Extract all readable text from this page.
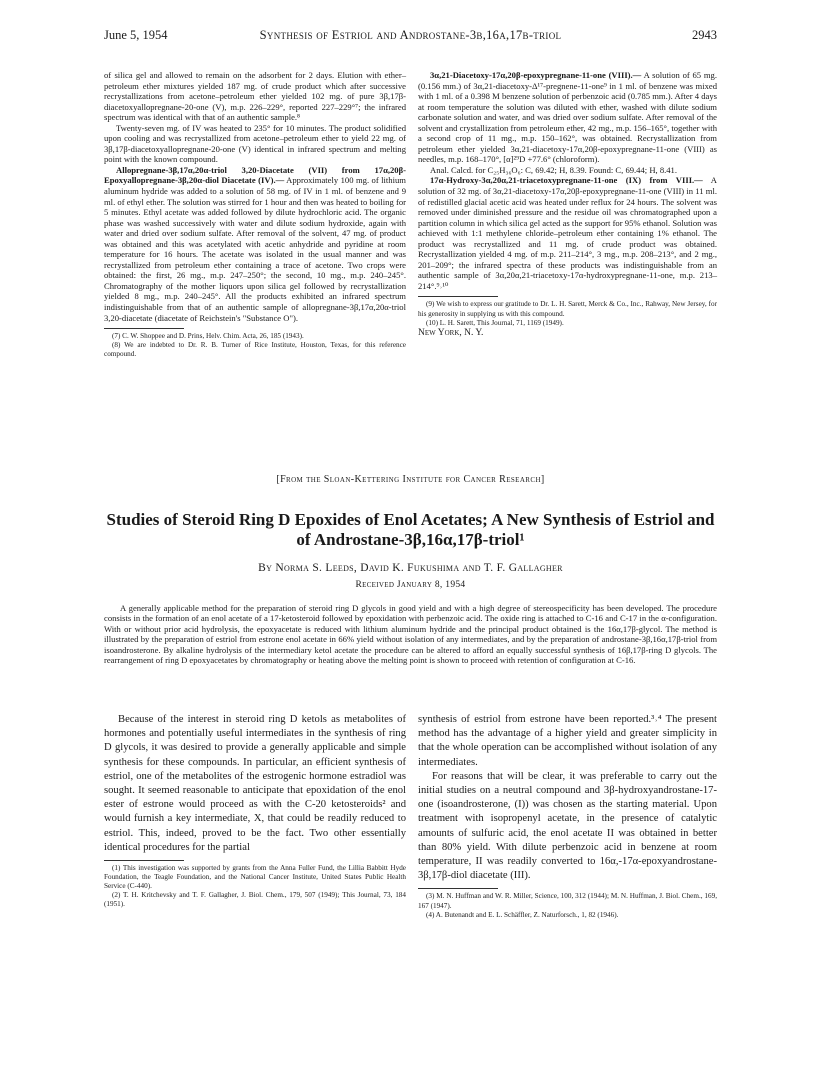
June 5, 1954	Synthesis of Estriol and Androstane-3β,16α,17β-triol	2943

of silica gel and allowed to remain on the adsorbent for 2 days. Elution with ether–petroleum ether mixtures yielded 187 mg. of crude product which after successive recrystallizations from acetone–petroleum ether yielded 102 mg. of pure 3β,17β-diacetoxyallopregnane-20-one (V), m.p. 226–229°, reported 227–229°⁷; the infrared spectrum was identical with that of an authentic sample.⁸

Twenty-seven mg. of IV was heated to 235° for 10 minutes. The product solidified upon cooling and was recrystallized from acetone–petroleum ether to yield 22 mg. of 3β,17β-diacetoxyallopregnane-20-one (V) identical in infrared spectrum and melting point with the known compound.

Allopregnane-3β,17α,20α-triol 3,20-Diacetate (VII) from 17α,20β-Epoxyallopregnane-3β,20α-diol Diacetate (IV).— Approximately 100 mg. of lithium aluminum hydride was added to a solution of 58 mg. of IV in 1 ml. of benzene and 9 ml. of ethyl ether. The solution was stirred for 1 hour and then was heated to boiling for 5 minutes. Ethyl acetate was added followed by dilute hydrochloric acid. The organic phase was washed successively with water and dilute sodium hydroxide, again with water and dried over sodium sulfate. After removal of the solvent, 47 mg. of product was obtained and this was acetylated with acetic anhydride and pyridine at room temperature for 16 hours. The acetate was isolated in the usual manner and was recrystallized from petroleum ether containing a trace of acetone. Two crops were obtained: the first, 26 mg., m.p. 247–250°; the second, 10 mg., m.p. 240–245°. Chromatography of the mother liquors upon silica gel followed by recrystallization yielded 8 mg., m.p. 240–245°. All the products exhibited an infrared spectrum indistinguishable from that of an authentic sample of allopregnane-3β,17α,20α-triol 3,20-diacetate (diacetate of Reichstein's "Substance O").

(7) C. W. Shoppee and D. Prins, Helv. Chim. Acta, 26, 185 (1943).

(8) We are indebted to Dr. R. B. Turner of Rice Institute, Houston, Texas, for this reference compound.

3α,21-Diacetoxy-17α,20β-epoxypregnane-11-one (VIII).— A solution of 65 mg. (0.156 mm.) of 3α,21-diacetoxy-Δ¹⁷-pregnene-11-one⁹ in 1 ml. of benzene was mixed with 1 ml. of a 0.398 M benzene solution of perbenzoic acid (0.785 mm.). After 4 days at room temperature the solution was diluted with ether, washed with dilute sodium carbonate solution and water, and was dried over sodium sulfate. After removal of the solvent and crystallization from petroleum ether, 42 mg., m.p. 156–165°, together with a second crop of 11 mg., m.p. 150–162°, was obtained. Recrystallization from petroleum ether yielded 3α,21-diacetoxy-17α,20β-epoxypregnane-11-one (VIII) as needles, m.p. 168–170°, [α]²⁹D +77.6° (chloroform).

Anal. Calcd. for C₂₅H₃₆O₆: C, 69.42; H, 8.39. Found: C, 69.44; H, 8.41.

17α-Hydroxy-3α,20α,21-triacetoxypregnane-11-one (IX) from VIII.— A solution of 32 mg. of 3α,21-diacetoxy-17α,20β-epoxypregnane-11-one (VIII) in 11 ml. of redistilled glacial acetic acid was heated under reflux for 24 hours. The solvent was removed under diminished pressure and the residue oil was chromatographed upon a partition column in which silica gel acted as the support for 95% ethanol. Solution was achieved with 1:1 methylene chloride–petroleum ether containing 1% ethanol. The product was recrystallized and 11 mg. of crude product was obtained. Recrystallization yielded 4 mg. of m.p. 211–214°, 3 mg., m.p. 208–213°, and 2 mg., 201–209°; the infrared spectra of these products was indistinguishable from an authentic sample of 3α,20α,21-triacetoxy-17α-hydroxypregnane-11-one, m.p. 213–214°.⁹˒¹⁰

(9) We wish to express our gratitude to Dr. L. H. Sarett, Merck & Co., Inc., Rahway, New Jersey, for his generosity in supplying us with this compound.

(10) L. H. Sarett, This Journal, 71, 1169 (1949).

New York, N. Y.

[From the Sloan-Kettering Institute for Cancer Research]
Studies of Steroid Ring D Epoxides of Enol Acetates; A New Synthesis of Estriol and of Androstane-3β,16α,17β-triol¹
By Norma S. Leeds, David K. Fukushima and T. F. Gallagher
Received January 8, 1954

A generally applicable method for the preparation of steroid ring D glycols in good yield and with a high degree of stereospecificity has been developed. The procedure consists in the formation of an enol acetate of a 17-ketosteroid followed by epoxidation with perbenzoic acid. The oxide ring is attached to C-16 and C-17 in the α-configuration. With or without prior acid hydrolysis, the epoxyacetate is reduced with lithium aluminum hydride and the principal product obtained is the 16α,17β-glycol. The method is illustrated by the preparation of estriol from estrone enol acetate in 66% yield without isolation of any intermediates, and by the preparation of androstane-3β,16α,17β-triol from isoandrosterone. By alkaline hydrolysis of the intermediary ketol acetate the procedure can be altered to afford an equally successful synthesis of 16β,17β-ring D glycols. The rearrangement of ring D epoxyacetates by chromatography or heating above the melting point is shown to proceed with retention of configuration at C-16.

Because of the interest in steroid ring D ketols as metabolites of hormones and potentially useful intermediates in the synthesis of ring D glycols, it was desired to provide a generally applicable and simple synthesis for these compounds. In particular, an efficient synthesis of estriol, one of the metabolites of the estrogenic hormone estradiol was sought. It seemed reasonable to anticipate that epoxidation of the enol ester of estrone would proceed as with the C-20 ketosteroids² and would furnish a key intermediate, X, that could be readily reduced to estriol. This, indeed, proved to be the fact. Two other essentially identical procedures for the partial

(1) This investigation was supported by grants from the Anna Fuller Fund, the Lillia Babbitt Hyde Foundation, the Teagle Foundation, and the National Cancer Institute, United States Public Health Service (C-440).

(2) T. H. Kritchevsky and T. F. Gallagher, J. Biol. Chem., 179, 507 (1949); This Journal, 73, 184 (1951).

synthesis of estriol from estrone have been reported.³˒⁴ The present method has the advantage of a higher yield and greater simplicity in that the whole operation can be accomplished without isolation of any intermediates.

For reasons that will be clear, it was preferable to carry out the initial studies on a neutral compound and 3β-hydroxyandrostane-17-one (isoandrosterone, (I)) was chosen as the starting material. Upon treatment with isopropenyl acetate, in the presence of catalytic amounts of sulfuric acid, the enol acetate II was obtained in better than 80% yield. With dilute perbenzoic acid in benzene at room temperature, II was readily converted to 16α,-17α-epoxyandrostane-3β,17β-diol diacetate (III).

(3) M. N. Huffman and W. R. Miller, Science, 100, 312 (1944); M. N. Huffman, J. Biol. Chem., 169, 167 (1947).

(4) A. Butenandt and E. L. Schäffler, Z. Naturforsch., 1, 82 (1946).
